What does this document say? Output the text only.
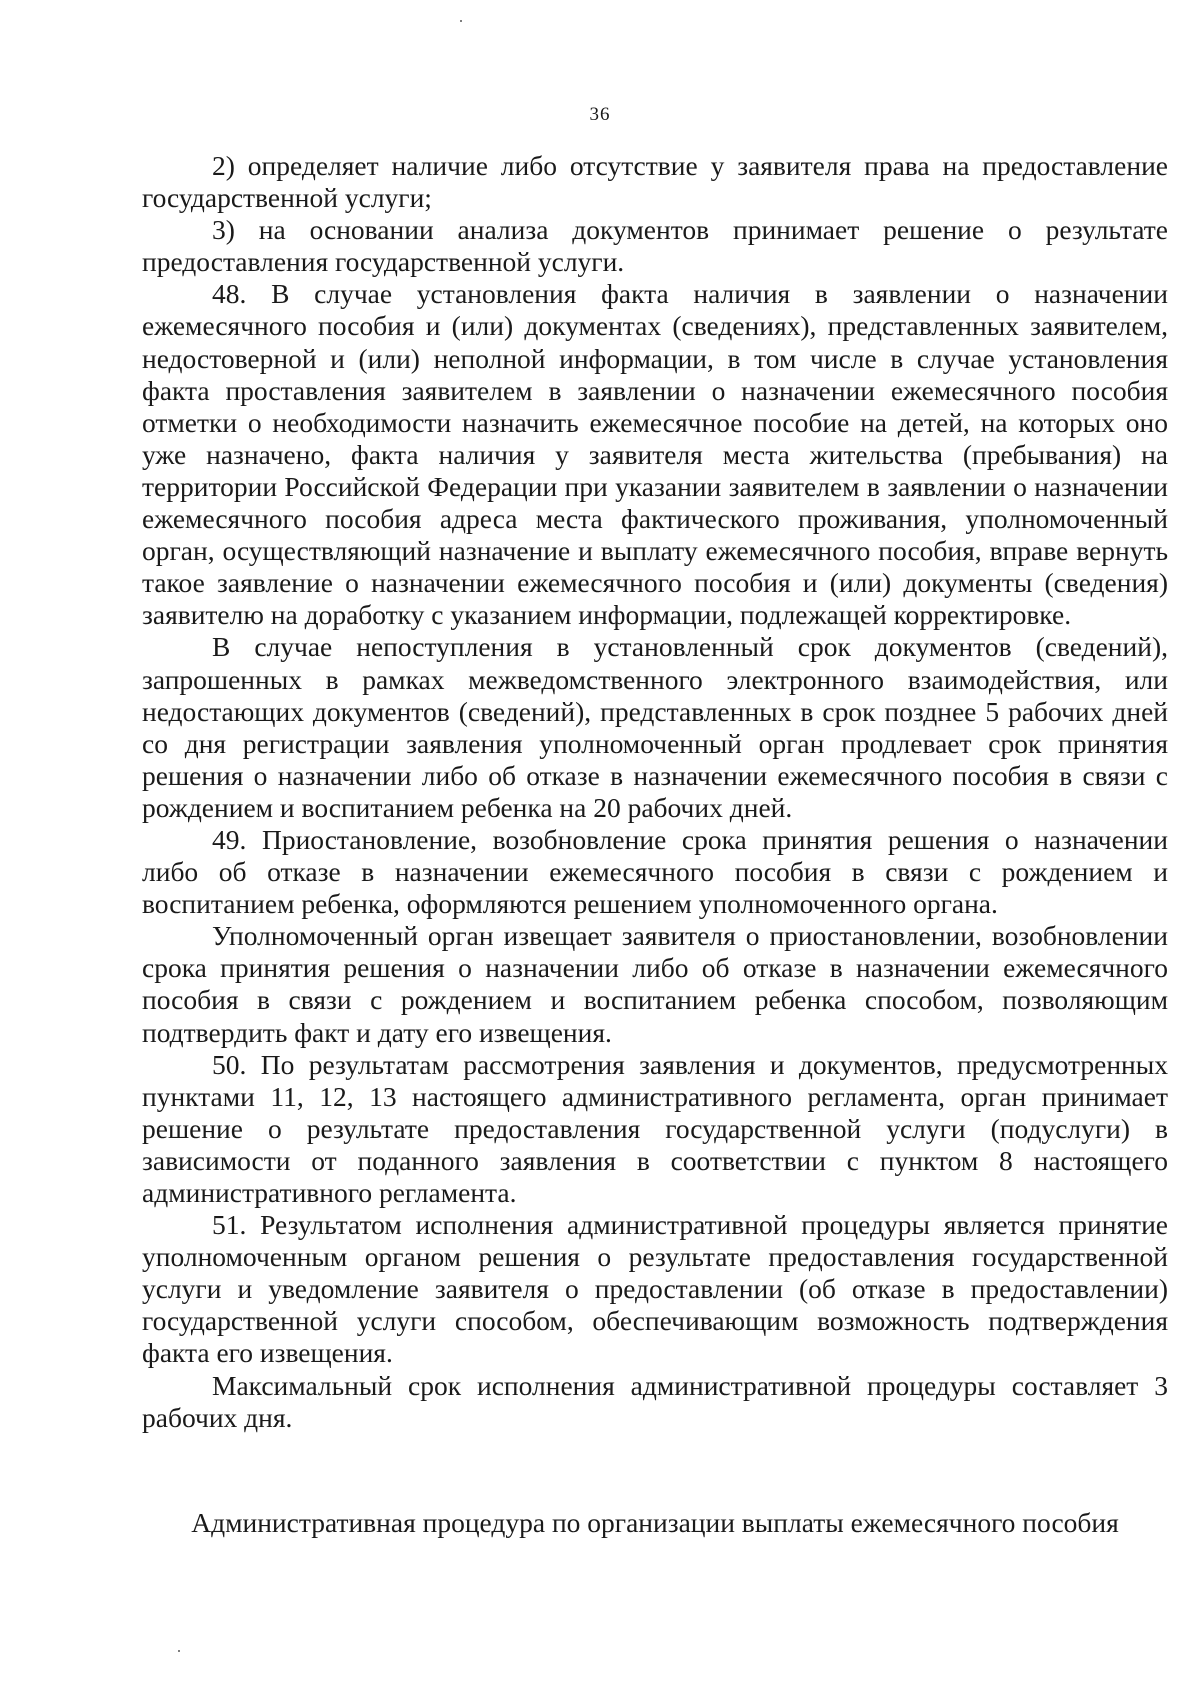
36

2) определяет наличие либо отсутствие у заявителя права на предоставление государственной услуги;

3) на основании анализа документов принимает решение о результате предоставления государственной услуги.

48. В случае установления факта наличия в заявлении о назначении ежемесячного пособия и (или) документах (сведениях), представленных заявителем, недостоверной и (или) неполной информации, в том числе в случае установления факта проставления заявителем в заявлении о назначении ежемесячного пособия отметки о необходимости назначить ежемесячное пособие на детей, на которых оно уже назначено, факта наличия у заявителя места жительства (пребывания) на территории Российской Федерации при указании заявителем в заявлении о назначении ежемесячного пособия адреса места фактического проживания, уполномоченный орган, осуществляющий назначение и выплату ежемесячного пособия, вправе вернуть такое заявление о назначении ежемесячного пособия и (или) документы (сведения) заявителю на доработку с указанием информации, подлежащей корректировке.

В случае непоступления в установленный срок документов (сведений), запрошенных в рамках межведомственного электронного взаимодействия, или недостающих документов (сведений), представленных в срок позднее 5 рабочих дней со дня регистрации заявления уполномоченный орган продлевает срок принятия решения о назначении либо об отказе в назначении ежемесячного пособия в связи с рождением и воспитанием ребенка на 20 рабочих дней.

49. Приостановление, возобновление срока принятия решения о назначении либо об отказе в назначении ежемесячного пособия в связи с рождением и воспитанием ребенка, оформляются решением уполномоченного органа.

Уполномоченный орган извещает заявителя о приостановлении, возобновлении срока принятия решения о назначении либо об отказе в назначении ежемесячного пособия в связи с рождением и воспитанием ребенка способом, позволяющим подтвердить факт и дату его извещения.

50. По результатам рассмотрения заявления и документов, предусмотренных пунктами 11, 12, 13 настоящего административного регламента, орган принимает решение о результате предоставления государственной услуги (подуслуги) в зависимости от поданного заявления в соответствии с пунктом 8 настоящего административного регламента.

51. Результатом исполнения административной процедуры является принятие уполномоченным органом решения о результате предоставления государственной услуги и уведомление заявителя о предоставлении (об отказе в предоставлении) государственной услуги способом, обеспечивающим возможность подтверждения факта его извещения.

Максимальный срок исполнения административной процедуры составляет 3 рабочих дня.

Административная процедура по организации выплаты ежемесячного пособия
